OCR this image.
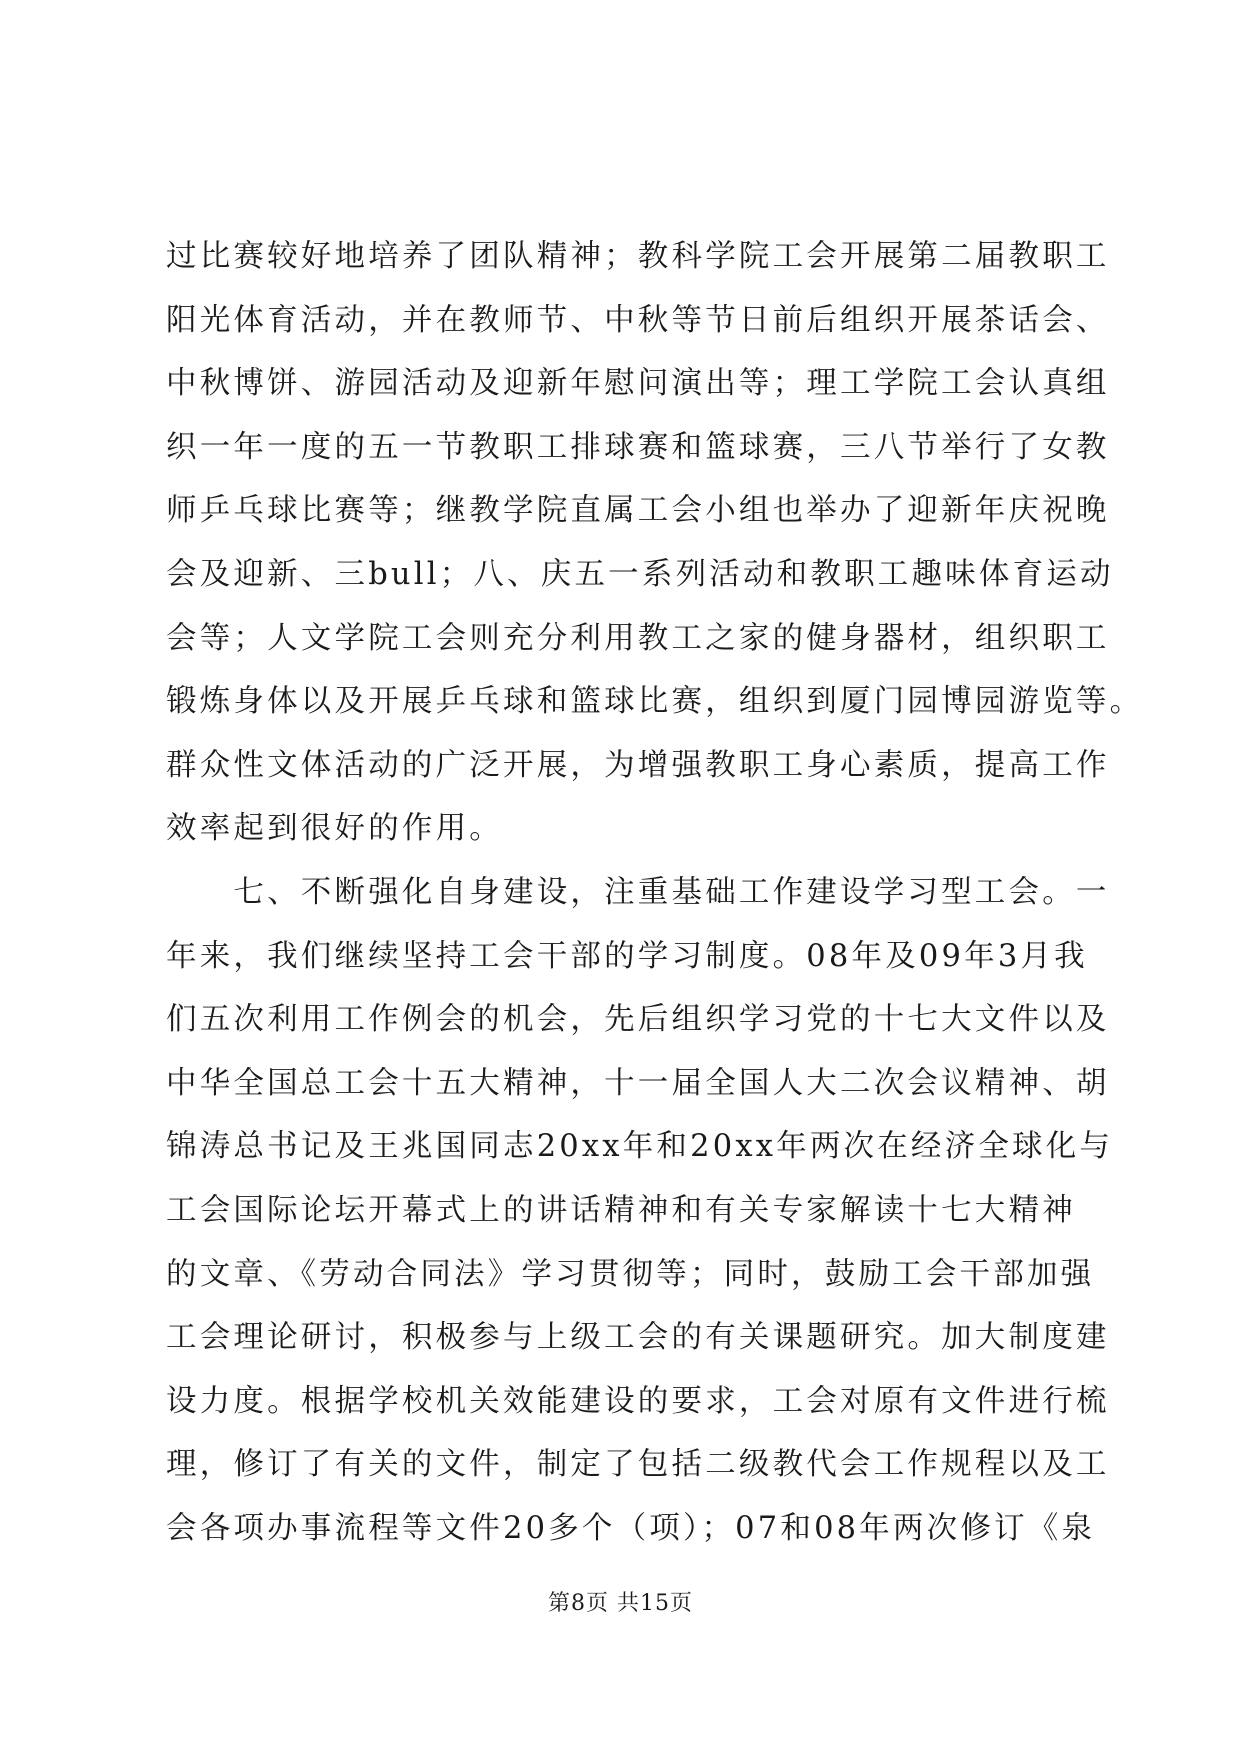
过比赛较好地培养了团队精神；教科学院工会开展第二届教职工
阳光体育活动，并在教师节、中秋等节日前后组织开展茶话会、
中秋博饼、游园活动及迎新年慰问演出等；理工学院工会认真组
织一年一度的五一节教职工排球赛和篮球赛，三八节举行了女教
师乒乓球比赛等；继教学院直属工会小组也举办了迎新年庆祝晚
会及迎新、三bull；八、庆五一系列活动和教职工趣味体育运动
会等；人文学院工会则充分利用教工之家的健身器材，组织职工
锻炼身体以及开展乒乓球和篮球比赛，组织到厦门园博园游览等。
群众性文体活动的广泛开展，为增强教职工身心素质，提高工作
效率起到很好的作用。
　　七、不断强化自身建设，注重基础工作建设学习型工会。一
年来，我们继续坚持工会干部的学习制度。08年及09年3月我
们五次利用工作例会的机会，先后组织学习党的十七大文件以及
中华全国总工会十五大精神，十一届全国人大二次会议精神、胡
锦涛总书记及王兆国同志20xx年和20xx年两次在经济全球化与
工会国际论坛开幕式上的讲话精神和有关专家解读十七大精神
的文章、《劳动合同法》学习贯彻等；同时，鼓励工会干部加强
工会理论研讨，积极参与上级工会的有关课题研究。加大制度建
设力度。根据学校机关效能建设的要求，工会对原有文件进行梳
理，修订了有关的文件，制定了包括二级教代会工作规程以及工
会各项办事流程等文件20多个（项）；07和08年两次修订《泉
第8页 共15页
